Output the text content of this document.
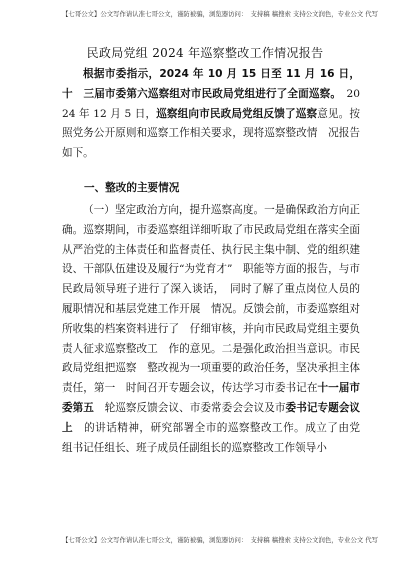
【七哥公文】公文写作请认准七哥公文，谨防被骗，浏览器访问：　支持稿 稿搜索 支持公文润色，专业公文 代写
民政局党组 2024 年巡察整改工作情况报告

根据市委指示，2024 年 10 月 15 日至 11 月 16 日，十　三届市委第六巡察组对市民政局党组进行了全面巡察。　2024 年 12 月 5 日，巡察组向市民政局党组反馈了巡察意见。按照党务公开原则和巡察工作相关要求，现将巡察整改情　况报告如下。

一、整改的主要情况

（一）坚定政治方向，提升巡察高度。一是确保政治方向正确。巡察期间，市委巡察组详细听取了市民政局党组在落实全面从严治党的主体责任和监督责任、执行民主集中制、党的组织建设、干部队伍建设及履行“为党育才”　职能等方面的报告，与市民政局领导班子进行了深入谈话，　同时了解了重点岗位人员的履职情况和基层党建工作开展　情况。反馈会前，市委巡察组对所收集的档案资料进行了　仔细审核，并向市民政局党组主要负责人征求巡察整改工　作的意见。二是强化政治担当意识。市民政局党组把巡察　整改视为一项重要的政治任务，坚决承担主体责任，第一　时间召开专题会议，传达学习市委书记在十一届市委第五　轮巡察反馈会议、市委常委会会议及市委书记专题会议上　的讲话精神，研究部署全市的巡察整改工作。成立了由党　组书记任组长、班子成员任副组长的巡察整改工作领导小

【七哥公文】公文写作请认准七哥公文，谨防被骗，浏览器访问：　支持稿 稿搜索 支持公文润色，专业公文 代写
